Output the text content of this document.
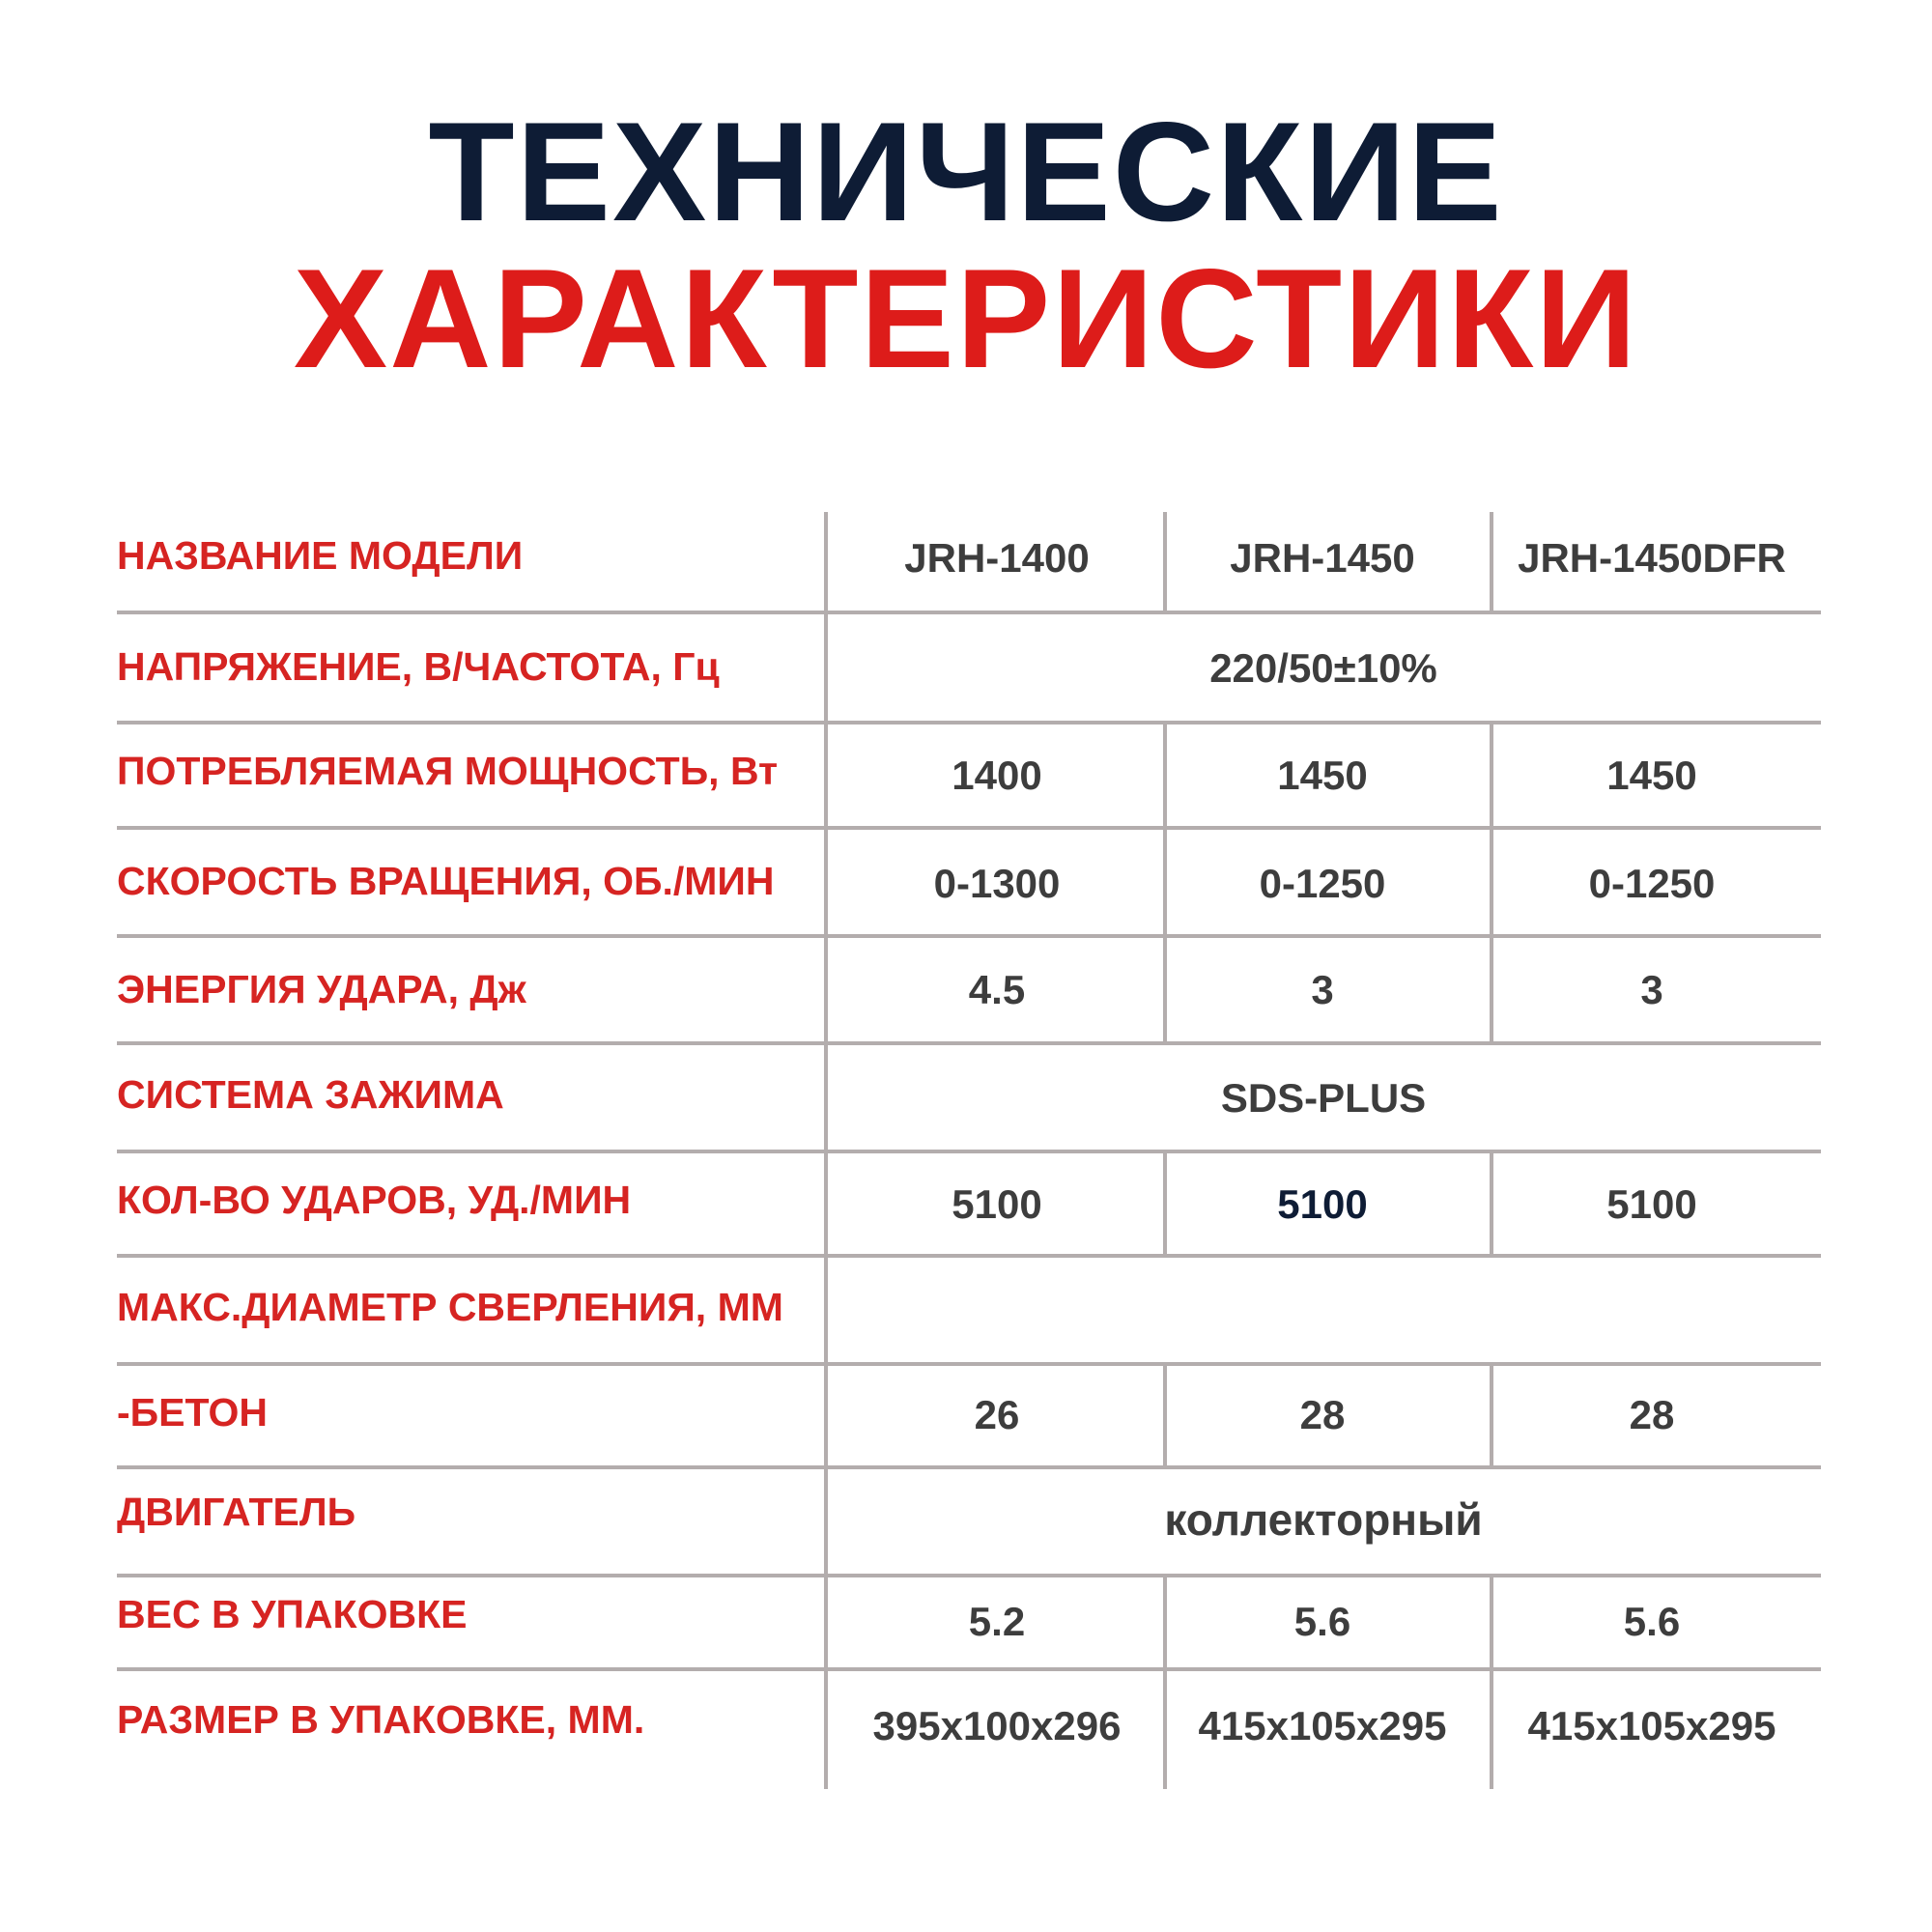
ТЕХНИЧЕСКИЕ
ХАРАКТЕРИСТИКИ
НАЗВАНИЕ МОДЕЛИ	JRH-1400	JRH-1450	JRH-1450DFR
НАПРЯЖЕНИЕ, В/ЧАСТОТА, Гц	220/50±10%
ПОТРЕБЛЯЕМАЯ МОЩНОСТЬ, Вт	1400	1450	1450
СКОРОСТЬ ВРАЩЕНИЯ, ОБ./МИН	0-1300	0-1250	0-1250
ЭНЕРГИЯ УДАРА, Дж	4.5	3	3
СИСТЕМА ЗАЖИМА	SDS-PLUS
КОЛ-ВО УДАРОВ, УД./МИН	5100	5100	5100
МАКС.ДИАМЕТР СВЕРЛЕНИЯ, ММ
-БЕТОН	26	28	28
ДВИГАТЕЛЬ	коллекторный
ВЕС В УПАКОВКЕ	5.2	5.6	5.6
РАЗМЕР В УПАКОВКЕ, ММ.	395x100x296	415x105x295	415x105x295
